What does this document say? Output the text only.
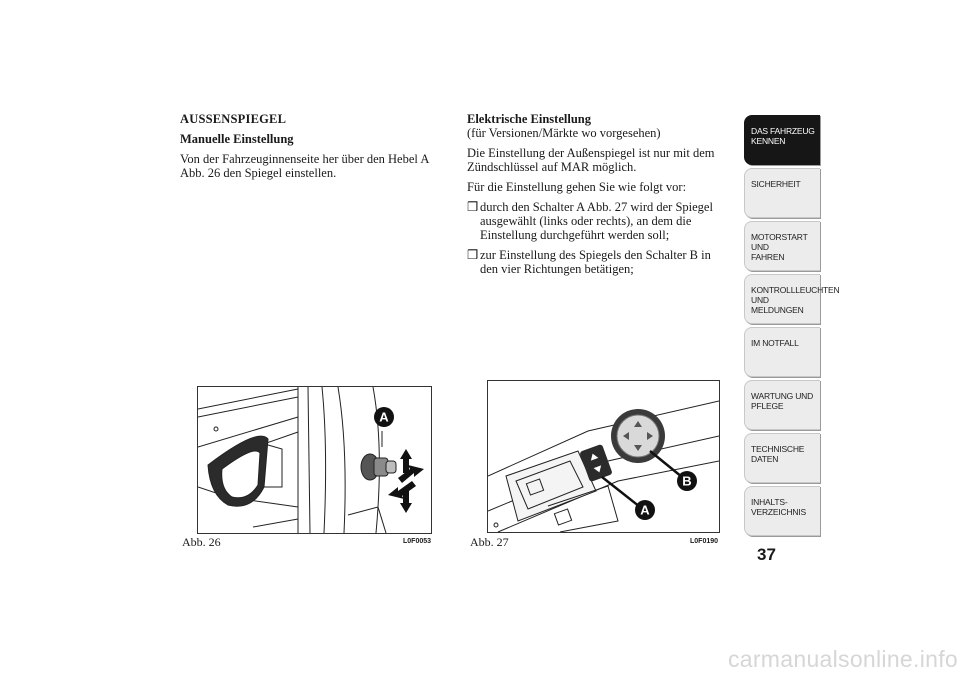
AUSSENSPIEGEL

Manuelle Einstellung

Von der Fahrzeuginnenseite her über den Hebel A Abb. 26 den Spiegel einstellen.

Elektrische Einstellung

(für Versionen/Märkte wo vorgesehen)

Die Einstellung der Außenspiegel ist nur mit dem Zündschlüssel auf MAR möglich.

Für die Einstellung gehen Sie wie folgt vor:

❒ durch den Schalter A Abb. 27 wird der Spiegel ausgewählt (links oder rechts), an dem die Einstellung durchgeführt werden soll;
❒ zur Einstellung des Spiegels den Schalter B in den vier Richtungen betätigen;
A
Abb. 26	L0F0053
B
A
Abb. 27	L0F0190
DAS FAHRZEUG
KENNEN
SICHERHEIT
MOTORSTART UND
FAHREN
KONTROLLLEUCHTEN
UND MELDUNGEN
IM NOTFALL
WARTUNG UND
PFLEGE
TECHNISCHE
DATEN
INHALTS-
VERZEICHNIS
37
carmanualsonline.info
